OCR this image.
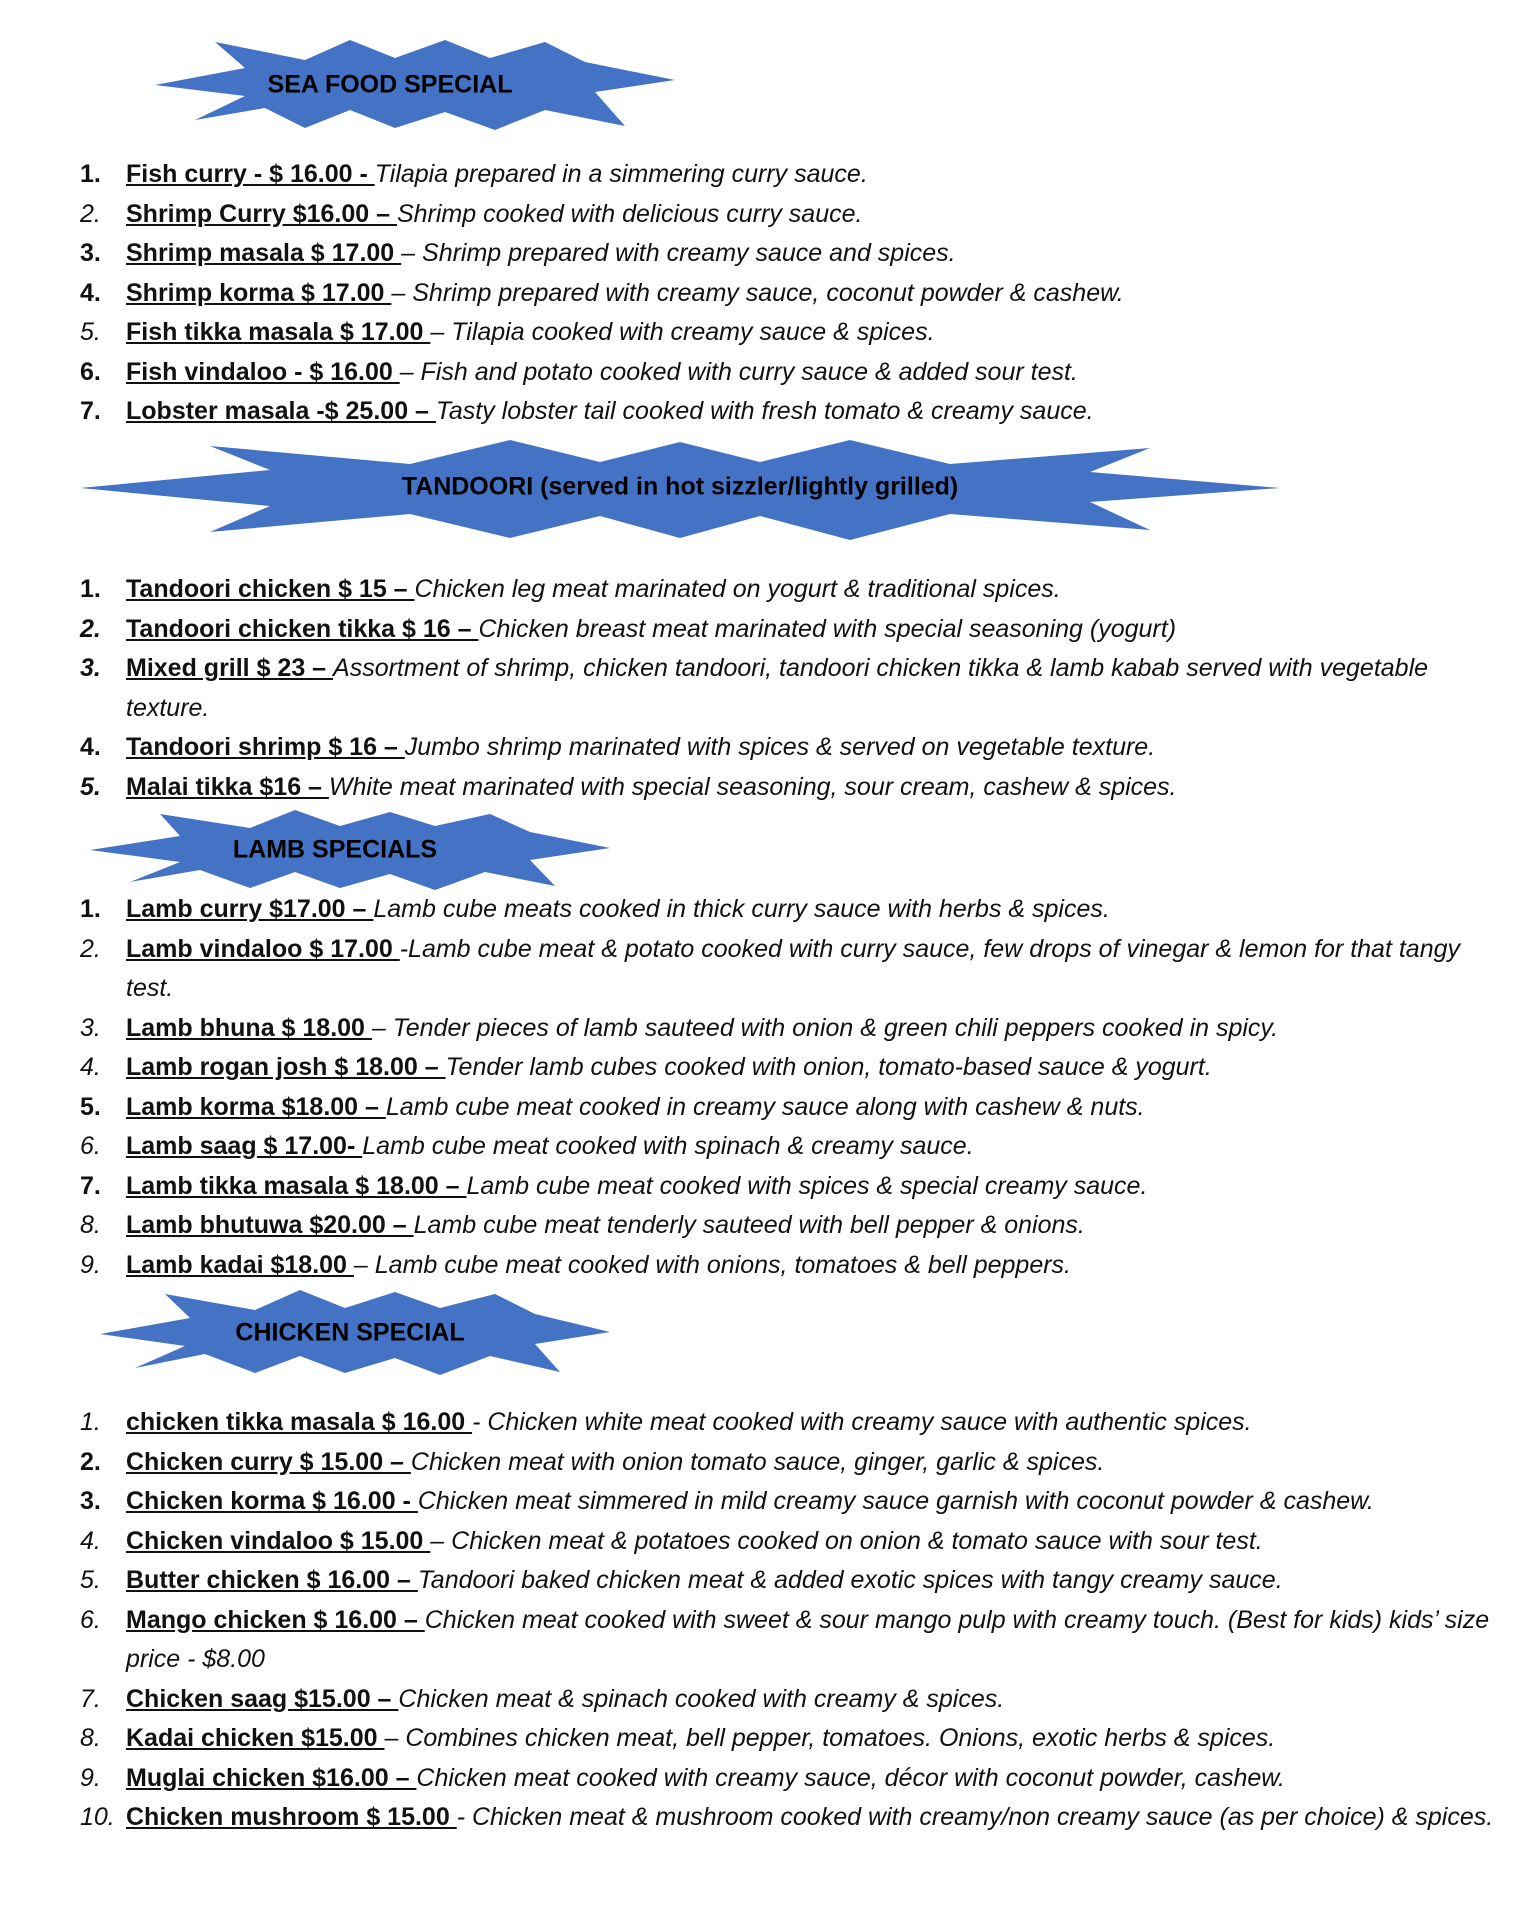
SEA FOOD SPECIAL
1. Fish curry - $ 16.00 - Tilapia prepared in a simmering curry sauce.
2. Shrimp Curry $16.00 – Shrimp cooked with delicious curry sauce.
3. Shrimp masala $ 17.00 – Shrimp prepared with creamy sauce and spices.
4. Shrimp korma $ 17.00 – Shrimp prepared with creamy sauce, coconut powder & cashew.
5. Fish tikka masala $ 17.00 – Tilapia cooked with creamy sauce & spices.
6. Fish vindaloo - $ 16.00 – Fish and potato cooked with curry sauce & added sour test.
7. Lobster masala -$ 25.00 – Tasty lobster tail cooked with fresh tomato & creamy sauce.
TANDOORI (served in hot sizzler/lightly grilled)
1. Tandoori chicken $ 15 – Chicken leg meat marinated on yogurt & traditional spices.
2. Tandoori chicken tikka $ 16 – Chicken breast meat marinated with special seasoning (yogurt)
3. Mixed grill $ 23 – Assortment of shrimp, chicken tandoori, tandoori chicken tikka & lamb kabab served with vegetable texture.
4. Tandoori shrimp $ 16 – Jumbo shrimp marinated with spices & served on vegetable texture.
5. Malai tikka $16 – White meat marinated with special seasoning, sour cream, cashew & spices.
LAMB SPECIALS
1. Lamb curry $17.00 – Lamb cube meats cooked in thick curry sauce with herbs & spices.
2. Lamb vindaloo $ 17.00 -Lamb cube meat & potato cooked with curry sauce, few drops of vinegar & lemon for that tangy test.
3. Lamb bhuna $ 18.00 – Tender pieces of lamb sauteed with onion & green chili peppers cooked in spicy.
4. Lamb rogan josh $ 18.00 – Tender lamb cubes cooked with onion, tomato-based sauce & yogurt.
5. Lamb korma $18.00 – Lamb cube meat cooked in creamy sauce along with cashew & nuts.
6. Lamb saag $ 17.00- Lamb cube meat cooked with spinach & creamy sauce.
7. Lamb tikka masala $ 18.00 – Lamb cube meat cooked with spices & special creamy sauce.
8. Lamb bhutuwa $20.00 – Lamb cube meat tenderly sauteed with bell pepper & onions.
9. Lamb kadai $18.00 – Lamb cube meat cooked with onions, tomatoes & bell peppers.
CHICKEN SPECIAL
1. chicken tikka masala $ 16.00 - Chicken white meat cooked with creamy sauce with authentic spices.
2. Chicken curry $ 15.00 – Chicken meat with onion tomato sauce, ginger, garlic & spices.
3. Chicken korma $ 16.00 - Chicken meat simmered in mild creamy sauce garnish with coconut powder & cashew.
4. Chicken vindaloo $ 15.00 – Chicken meat & potatoes cooked on onion & tomato sauce with sour test.
5. Butter chicken $ 16.00 – Tandoori baked chicken meat & added exotic spices with tangy creamy sauce.
6. Mango chicken $ 16.00 – Chicken meat cooked with sweet & sour mango pulp with creamy touch. (Best for kids) kids’ size price - $8.00
7. Chicken saag $15.00 – Chicken meat & spinach cooked with creamy & spices.
8. Kadai chicken $15.00 – Combines chicken meat, bell pepper, tomatoes. Onions, exotic herbs & spices.
9. Muglai chicken $16.00 – Chicken meat cooked with creamy sauce, décor with coconut powder, cashew.
10. Chicken mushroom $ 15.00 - Chicken meat & mushroom cooked with creamy/non creamy sauce (as per choice) & spices.
